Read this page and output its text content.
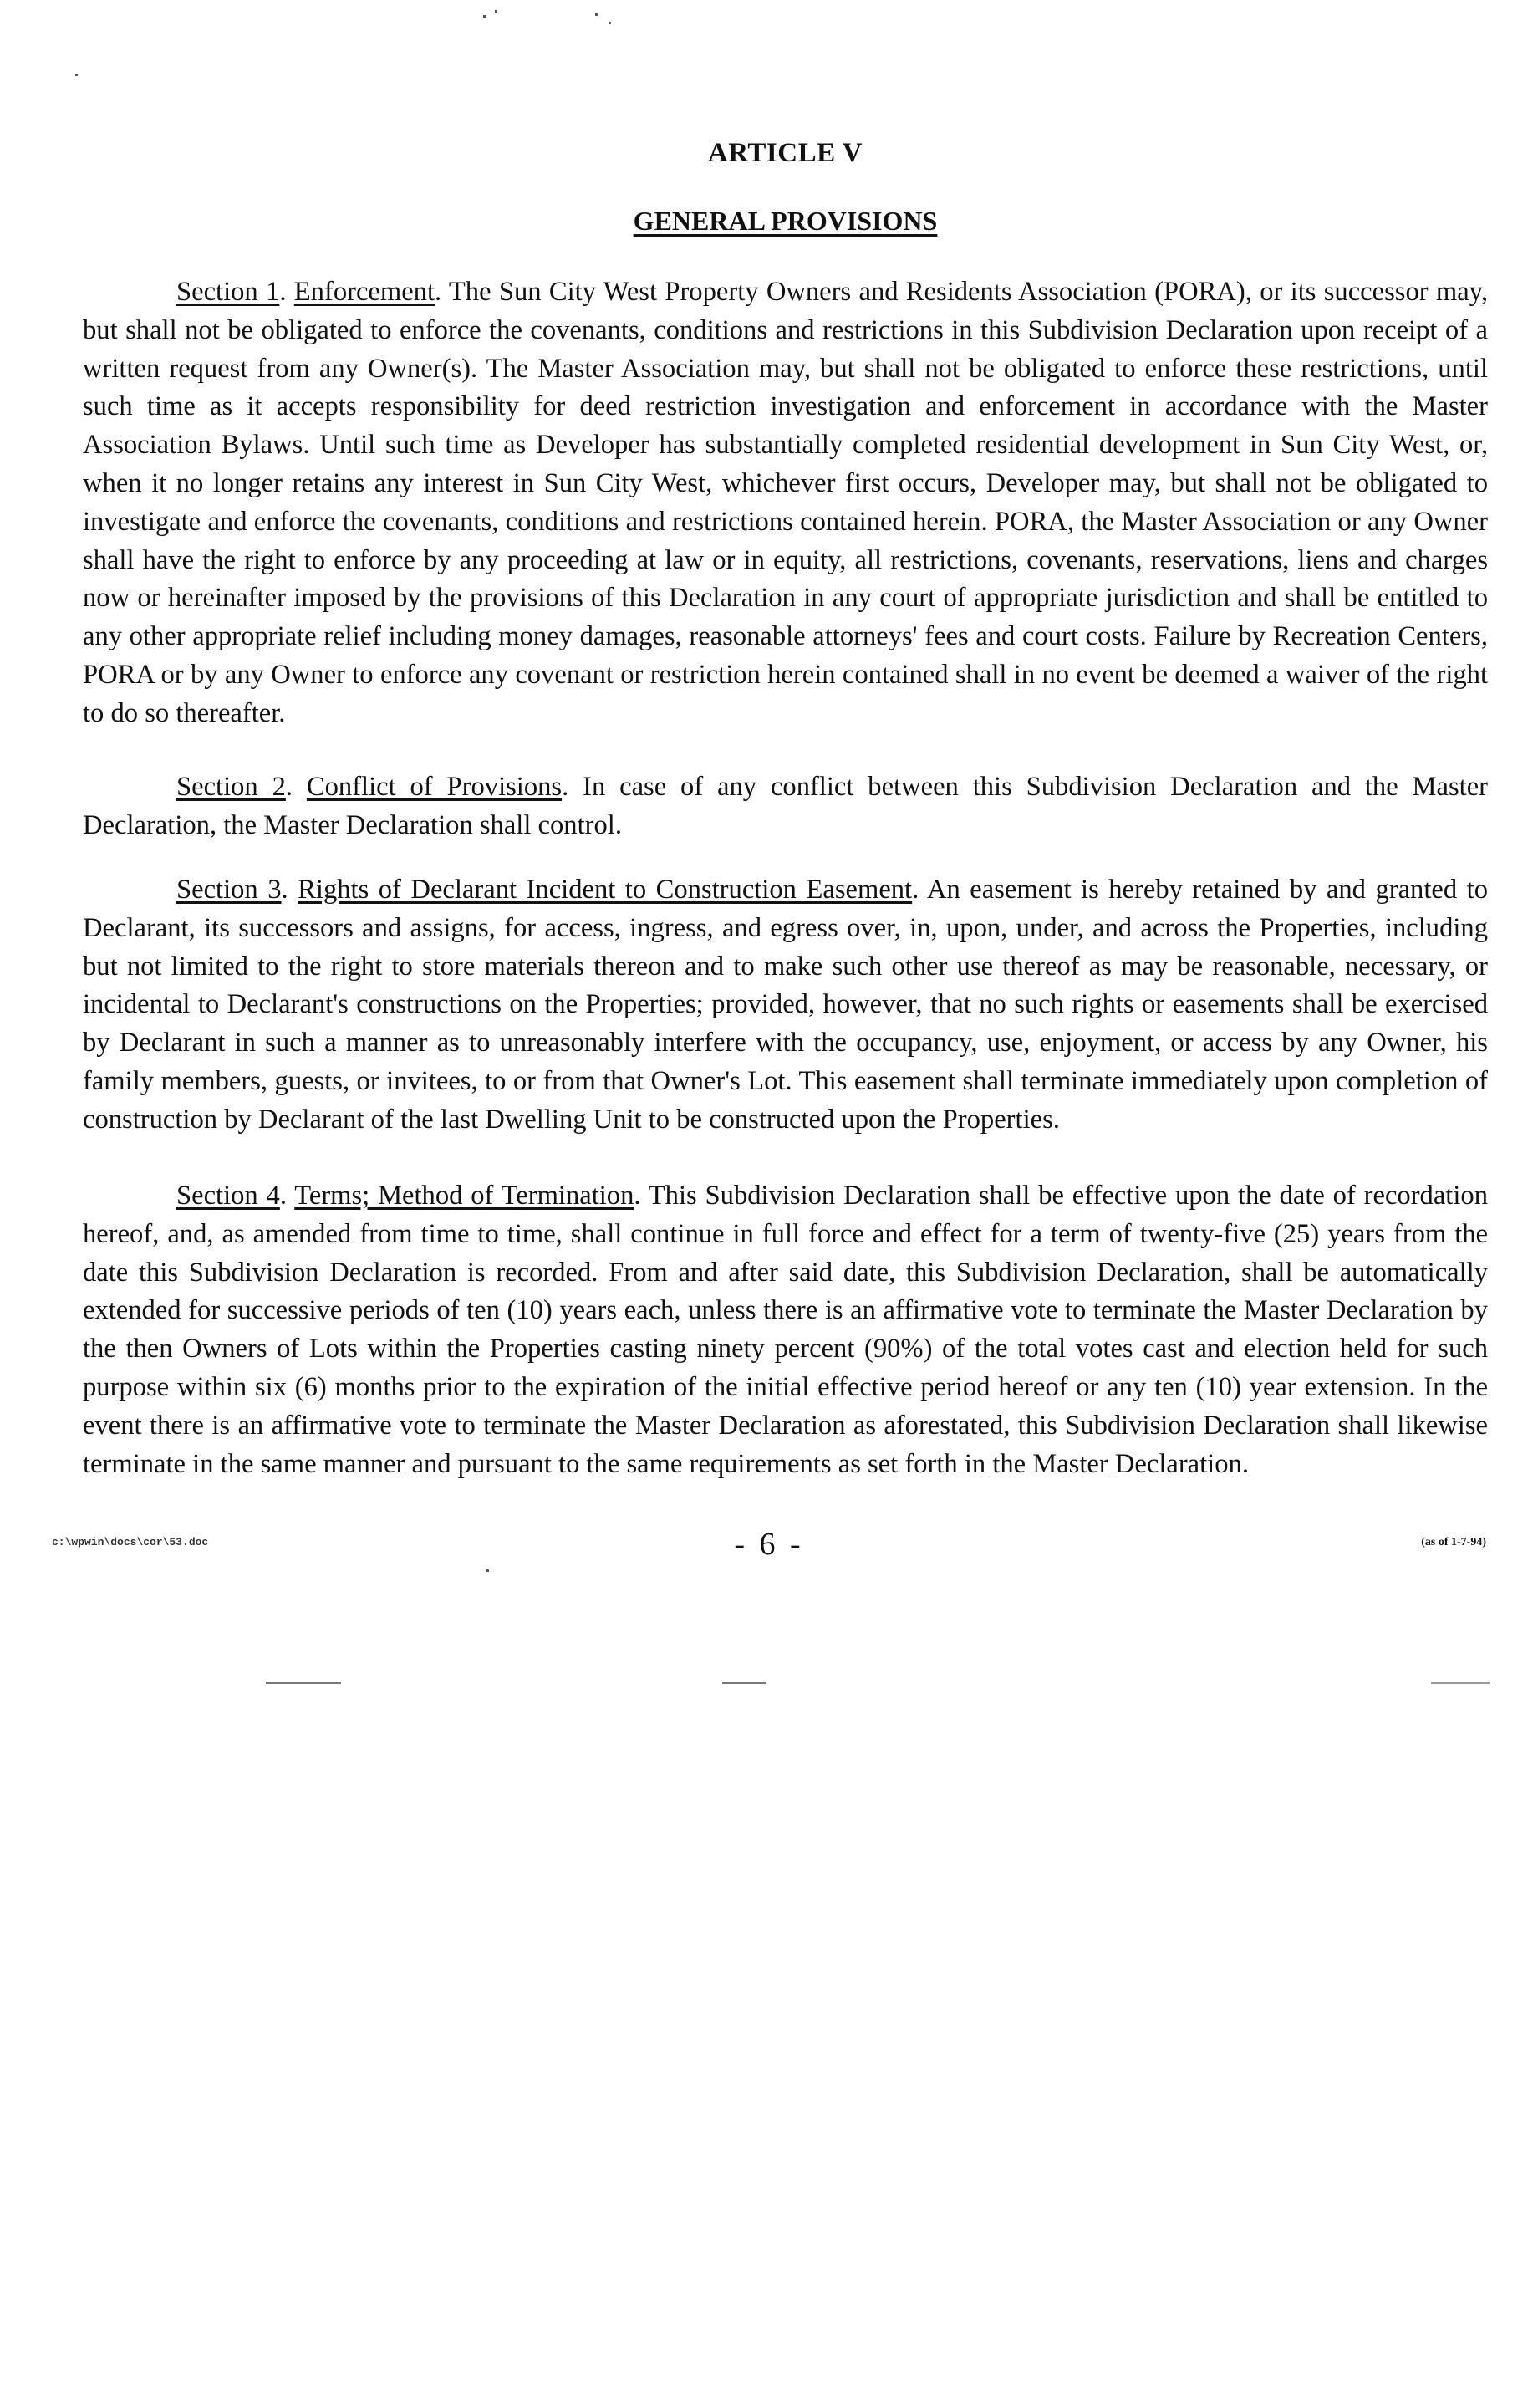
ARTICLE V
GENERAL PROVISIONS

Section 1. Enforcement. The Sun City West Property Owners and Residents Association (PORA), or its successor may, but shall not be obligated to enforce the covenants, conditions and restrictions in this Subdivision Declaration upon receipt of a written request from any Owner(s). The Master Association may, but shall not be obligated to enforce these restrictions, until such time as it accepts responsibility for deed restriction investigation and enforcement in accordance with the Master Association Bylaws. Until such time as Developer has substantially completed residential development in Sun City West, or, when it no longer retains any interest in Sun City West, whichever first occurs, Developer may, but shall not be obligated to investigate and enforce the covenants, conditions and restrictions contained herein. PORA, the Master Association or any Owner shall have the right to enforce by any proceeding at law or in equity, all restrictions, covenants, reservations, liens and charges now or hereinafter imposed by the provisions of this Declaration in any court of appropriate jurisdiction and shall be entitled to any other appropriate relief including money damages, reasonable attorneys' fees and court costs. Failure by Recreation Centers, PORA or by any Owner to enforce any covenant or restriction herein contained shall in no event be deemed a waiver of the right to do so thereafter.

Section 2. Conflict of Provisions. In case of any conflict between this Subdivision Declaration and the Master Declaration, the Master Declaration shall control.

Section 3. Rights of Declarant Incident to Construction Easement. An easement is hereby retained by and granted to Declarant, its successors and assigns, for access, ingress, and egress over, in, upon, under, and across the Properties, including but not limited to the right to store materials thereon and to make such other use thereof as may be reasonable, necessary, or incidental to Declarant's constructions on the Properties; provided, however, that no such rights or easements shall be exercised by Declarant in such a manner as to unreasonably interfere with the occupancy, use, enjoyment, or access by any Owner, his family members, guests, or invitees, to or from that Owner's Lot. This easement shall terminate immediately upon completion of construction by Declarant of the last Dwelling Unit to be constructed upon the Properties.

Section 4. Terms; Method of Termination. This Subdivision Declaration shall be effective upon the date of recordation hereof, and, as amended from time to time, shall continue in full force and effect for a term of twenty-five (25) years from the date this Subdivision Declaration is recorded. From and after said date, this Subdivision Declaration, shall be automatically extended for successive periods of ten (10) years each, unless there is an affirmative vote to terminate the Master Declaration by the then Owners of Lots within the Properties casting ninety percent (90%) of the total votes cast and election held for such purpose within six (6) months prior to the expiration of the initial effective period hereof or any ten (10) year extension. In the event there is an affirmative vote to terminate the Master Declaration as aforestated, this Subdivision Declaration shall likewise terminate in the same manner and pursuant to the same requirements as set forth in the Master Declaration.

c:\wpwin\docs\cor\53.doc	- 6 -	(as of 1-7-94)
